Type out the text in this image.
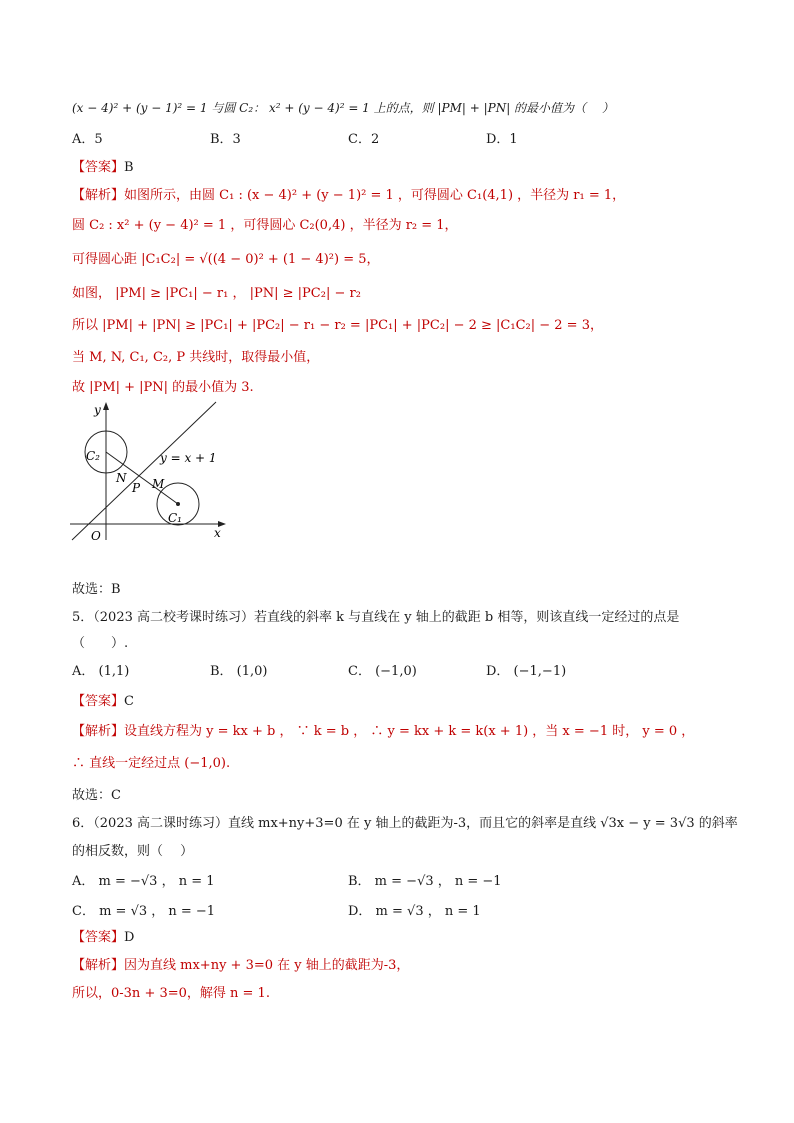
(x − 4)² + (y − 1)² = 1 与圆 C₂： x² + (y − 4)² = 1 上的点，则 |PM| + |PN| 的最小值为（　 ）
A．5	B．3	C．2	D．1
【答案】B
【解析】如图所示，由圆 C₁ : (x − 4)² + (y − 1)² = 1 ，可得圆心 C₁(4,1) ，半径为 r₁ = 1，
圆 C₂ : x² + (y − 4)² = 1 ，可得圆心 C₂(0,4) ，半径为 r₂ = 1，
可得圆心距 |C₁C₂| = √((4 − 0)² + (1 − 4)²) = 5，
如图， |PM| ≥ |PC₁| − r₁ ， |PN| ≥ |PC₂| − r₂
所以 |PM| + |PN| ≥ |PC₁| + |PC₂| − r₁ − r₂ = |PC₁| + |PC₂| − 2 ≥ |C₁C₂| − 2 = 3，
当 M, N, C₁, C₂, P 共线时，取得最小值，
故 |PM| + |PN| 的最小值为 3.
y
x
O
y = x + 1
C₂
C₁
N
P M
故选：B
5．（2023 高二校考课时练习）若直线的斜率 k 与直线在 y 轴上的截距 b 相等，则该直线一定经过的点是
（　　）.
A． (1,1)	B． (1,0)	C． (−1,0)	D． (−1,−1)
【答案】C
【解析】设直线方程为 y = kx + b ， ∵ k = b ， ∴ y = kx + k = k(x + 1) ，当 x = −1 时， y = 0 ，
∴ 直线一定经过点 (−1,0).
故选：C
6．（2023 高二课时练习）直线 mx+ny+3=0 在 y 轴上的截距为-3，而且它的斜率是直线 √3x − y = 3√3 的斜率
的相反数，则（　 ）
A． m = −√3 ， n = 1	B． m = −√3 ， n = −1
C． m = √3 ， n = −1	D． m = √3 ， n = 1
【答案】D
【解析】因为直线 mx+ny + 3=0 在 y 轴上的截距为-3，
所以，0-3n + 3=0，解得 n = 1.
